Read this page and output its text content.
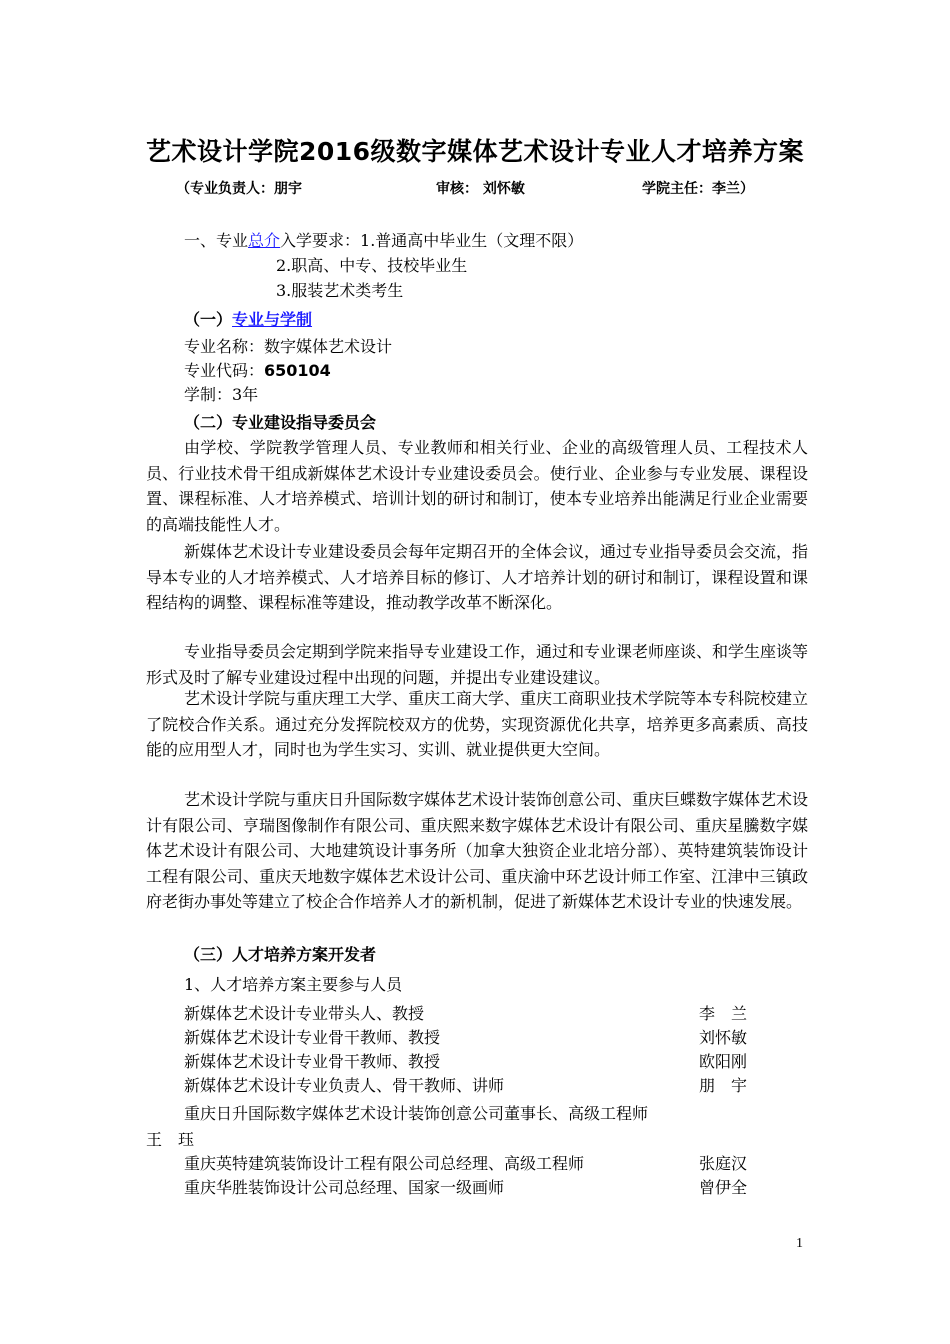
艺术设计学院2016级数字媒体艺术设计专业人才培养方案
（专业负责人：朋宇	审核： 刘怀敏	学院主任：李兰）
一、专业总介入学要求：1.普通高中毕业生（文理不限）
2.职高、中专、技校毕业生
3.服装艺术类考生
（一）专业与学制
专业名称：数字媒体艺术设计
专业代码：650104
学制：3年
（二）专业建设指导委员会
由学校、学院教学管理人员、专业教师和相关行业、企业的高级管理人员、工程技术人员、行业技术骨干组成新媒体艺术设计专业建设委员会。使行业、企业参与专业发展、课程设置、课程标准、人才培养模式、培训计划的研讨和制订，使本专业培养出能满足行业企业需要的高端技能性人才。
新媒体艺术设计专业建设委员会每年定期召开的全体会议，通过专业指导委员会交流，指导本专业的人才培养模式、人才培养目标的修订、人才培养计划的研讨和制订，课程设置和课程结构的调整、课程标准等建设，推动教学改革不断深化。
专业指导委员会定期到学院来指导专业建设工作，通过和专业课老师座谈、和学生座谈等形式及时了解专业建设过程中出现的问题，并提出专业建设建议。
艺术设计学院与重庆理工大学、重庆工商大学、重庆工商职业技术学院等本专科院校建立了院校合作关系。通过充分发挥院校双方的优势，实现资源优化共享，培养更多高素质、高技能的应用型人才，同时也为学生实习、实训、就业提供更大空间。
艺术设计学院与重庆日升国际数字媒体艺术设计装饰创意公司、重庆巨蝶数字媒体艺术设计有限公司、亨瑞图像制作有限公司、重庆熙来数字媒体艺术设计有限公司、重庆星騰数字媒体艺术设计有限公司、大地建筑设计事务所（加拿大独资企业北培分部）、英特建筑装饰设计工程有限公司、重庆天地数字媒体艺术设计公司、重庆渝中环艺设计师工作室、江津中三镇政府老街办事处等建立了校企合作培养人才的新机制，促进了新媒体艺术设计专业的快速发展。
（三）人才培养方案开发者
1、人才培养方案主要参与人员
新媒体艺术设计专业带头人、教授	李　兰
新媒体艺术设计专业骨干教师、教授	刘怀敏
新媒体艺术设计专业骨干教师、教授	欧阳刚
新媒体艺术设计专业负责人、骨干教师、讲师	朋　宇
重庆日升国际数字媒体艺术设计装饰创意公司董事长、高级工程师
王　珏
重庆英特建筑装饰设计工程有限公司总经理、高级工程师	张庭汉
重庆华胜装饰设计公司总经理、国家一级画师	曾伊全
1
